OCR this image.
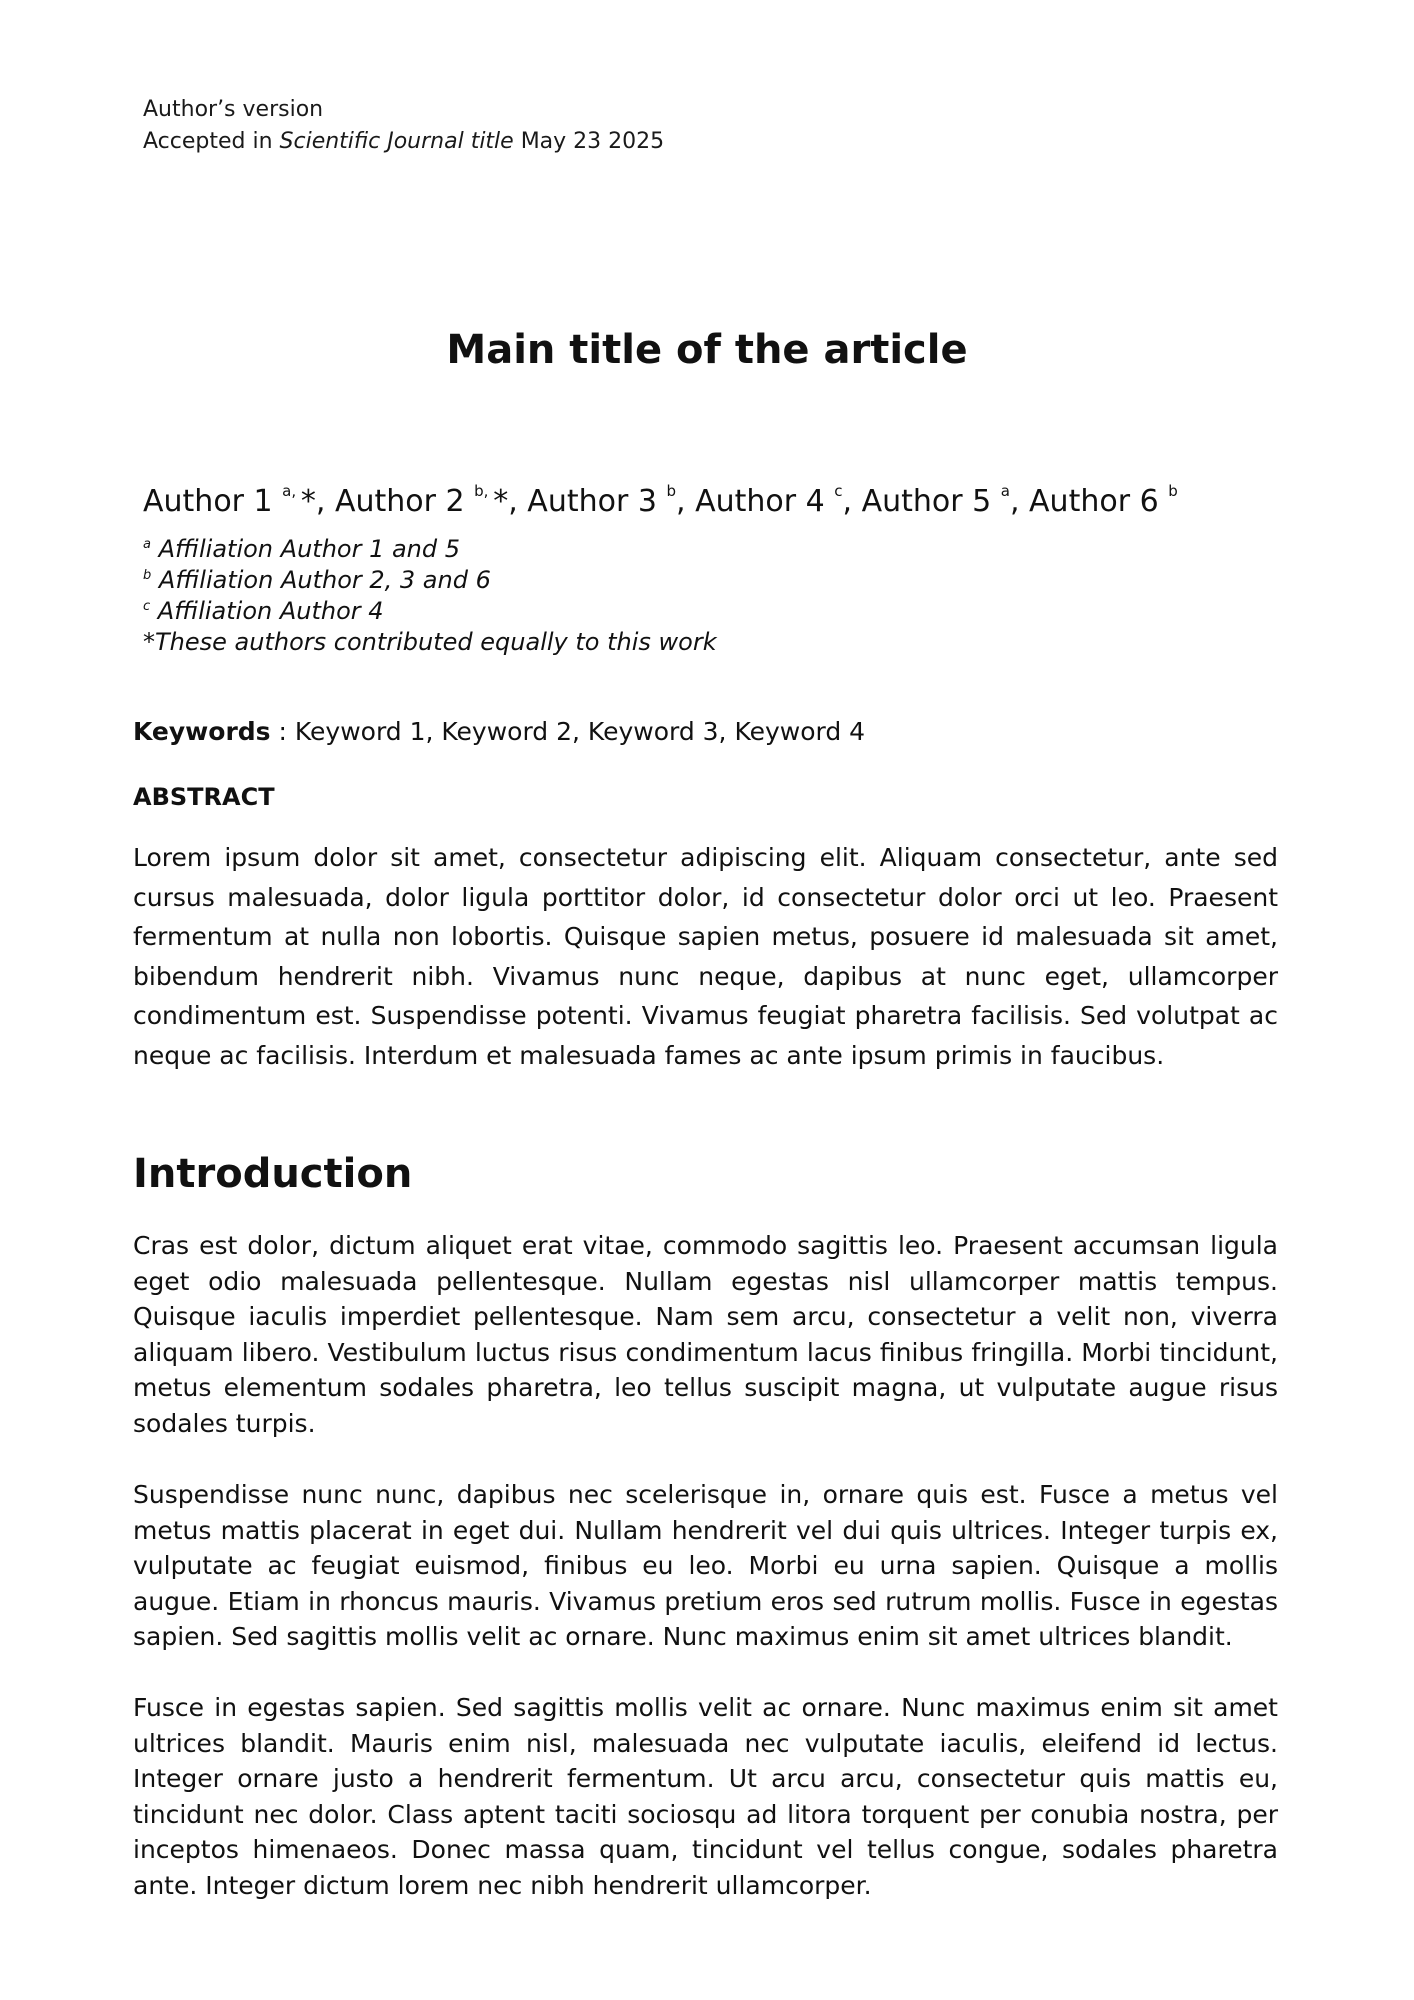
Author’s version
Accepted in Scientific Journal title May 23 2025
Main title of the article
Author 1 $^{a,}$ *, Author 2 $^{b,}$ *, Author 3 $^b$, Author 4 $^c$, Author 5 $^a$, Author 6 $^b$
$^a$ Affiliation Author 1 and 5
$^b$ Affiliation Author 2, 3 and 6
$^c$ Affiliation Author 4
*These authors contributed equally to this work
Keywords : Keyword 1, Keyword 2, Keyword 3, Keyword 4
ABSTRACT

Lorem ipsum dolor sit amet, consectetur adipiscing elit. Aliquam consectetur, ante sed cursus malesuada, dolor ligula porttitor dolor, id consectetur dolor orci ut leo. Praesent fermentum at nulla non lobortis. Quisque sapien metus, posuere id malesuada sit amet, bibendum hendrerit nibh. Vivamus nunc neque, dapibus at nunc eget, ullamcorper condimentum est. Suspendisse potenti. Vivamus feugiat pharetra facilisis. Sed volutpat ac neque ac facilisis. Interdum et malesuada fames ac ante ipsum primis in faucibus.

Introduction

Cras est dolor, dictum aliquet erat vitae, commodo sagittis leo. Praesent accumsan ligula eget odio malesuada pellentesque. Nullam egestas nisl ullamcorper mattis tempus. Quisque iaculis imperdiet pellentesque. Nam sem arcu, consectetur a velit non, viverra aliquam libero. Vestibulum luctus risus condimentum lacus finibus fringilla. Morbi tincidunt, metus elementum sodales pharetra, leo tellus suscipit magna, ut vulputate augue risus sodales turpis.

Suspendisse nunc nunc, dapibus nec scelerisque in, ornare quis est. Fusce a metus vel metus mattis placerat in eget dui. Nullam hendrerit vel dui quis ultrices. Integer turpis ex, vulputate ac feugiat euismod, finibus eu leo. Morbi eu urna sapien. Quisque a mollis augue. Etiam in rhoncus mauris. Vivamus pretium eros sed rutrum mollis. Fusce in egestas sapien. Sed sagittis mollis velit ac ornare. Nunc maximus enim sit amet ultrices blandit.

Fusce in egestas sapien. Sed sagittis mollis velit ac ornare. Nunc maximus enim sit amet ultrices blandit. Mauris enim nisl, malesuada nec vulputate iaculis, eleifend id lectus. Integer ornare justo a hendrerit fermentum. Ut arcu arcu, consectetur quis mattis eu, tincidunt nec dolor. Class aptent taciti sociosqu ad litora torquent per conubia nostra, per inceptos himenaeos. Donec massa quam, tincidunt vel tellus congue, sodales pharetra ante. Integer dictum lorem nec nibh hendrerit ullamcorper.
